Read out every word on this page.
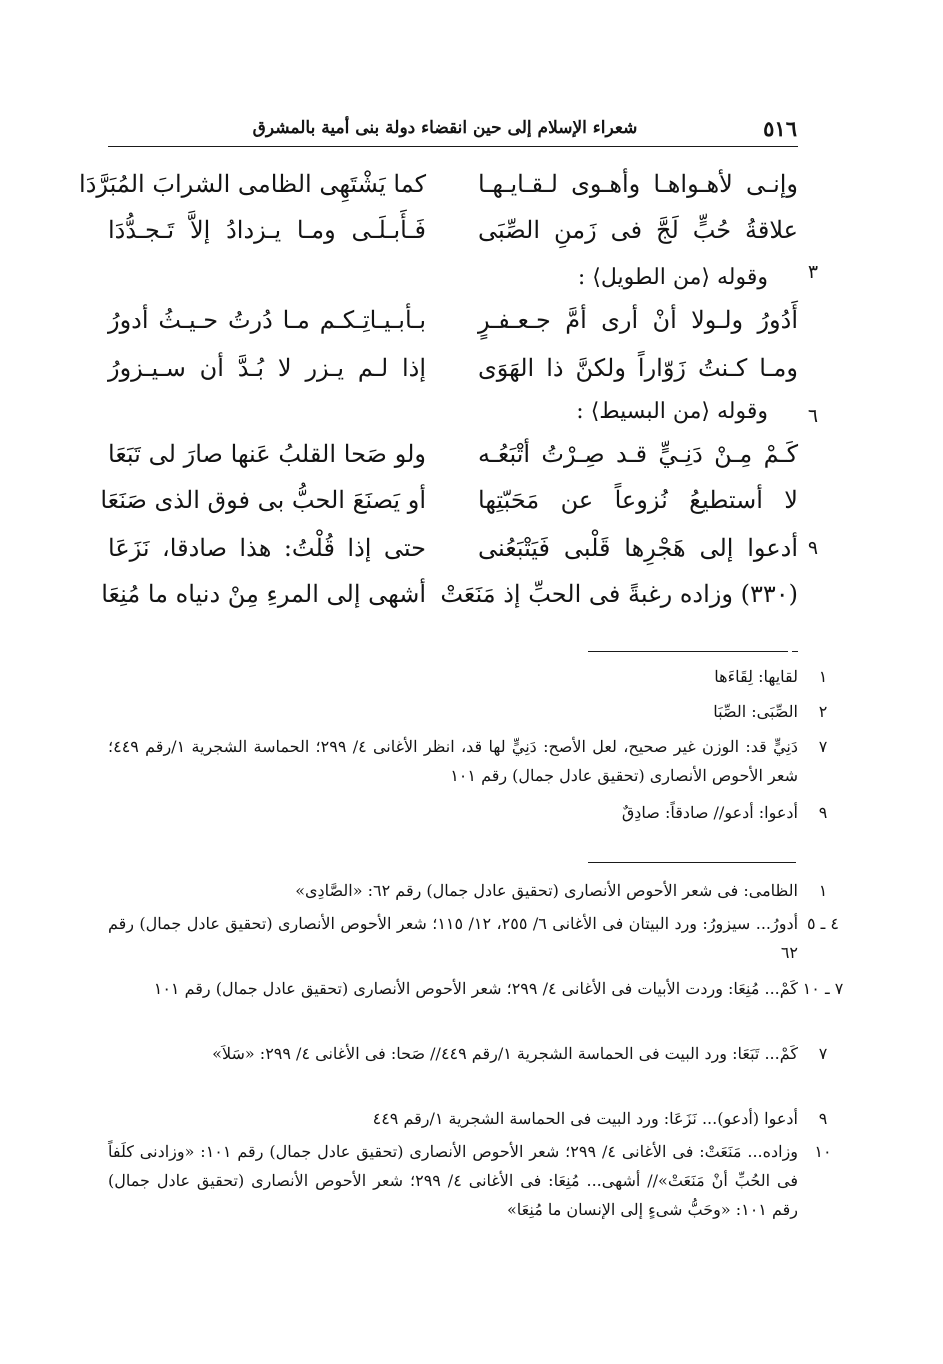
٥١٦
شعراء الإسلام إلى حين انقضاء دولة بنى أمية بالمشرق
وإنـى لأهـواهـا وأهـوى لـقـايـهـا
كما يَشْتَهِى الظامى الشرابَ المُبَرَّدَا
علاقةُ حُبٍّ لَجَّ فى زَمنِ الصِّبَى
فَـأَبـلَـى ومـا يـزدادُ إلاَّ تَـجـدُّدَا
٣
وقوله ⟨من الطويل⟩ :
أَدُورُ ولـولا أنْ أرى أمَّ جـعـفـرٍ
بـأبـيـاتِـكـم مـا دُرتُ حـيـثُ أدورُ
ومـا كـنتُ زَوّاراً ولكنَّ ذا الهَوَى
إذا لـم يـزر لا بُـدَّ أن سـيـزورُ
٦
وقوله ⟨من البسيط⟩ :
كَـمْ مِـنْ دَنِـيٍّ قـد صِـرْتُ أتْبَعُـه
ولو صَحا القلبُ عَنها صارَ لى تَبَعَا
لا أستطيعُ نُزوعاً عن مَحَبّتِها
أو يَصنَعَ الحبُّ بى فوق الذى صَنَعَا
٩
أدعوا إلى هَجْرِها قَلْبى فَيَتْبَعُنى
حتى إذا قُلْتُ: هذا صادقا، نَزَعَا
(٣٣٠) وزاده رغبةً فى الحبِّ إذ مَنَعَتْ
أشهى إلى المرءِ مِنْ دنياه ما مُنِعَا
١
لقايها: لِقَاءَها
٢
الصِّبَى: الصِّبَا
٧
دَنِيٍّ قد: الوزن غير صحيح، لعل الأصح: دَنِيٍّ لها قد، انظر الأغانى ٤/ ٢٩٩؛ الحماسة الشجرية ١/رقم ٤٤٩؛ شعر الأحوص الأنصارى (تحقيق عادل جمال) رقم ١٠١
٩
أدعوا: أدعو// صادقاً: صادِقٌ
١
الظامى: فى شعر الأحوص الأنصارى (تحقيق عادل جمال) رقم ٦٢: «الصَّادِى»
٤ ـ ٥
أدورُ... سيزورُ: ورد البيتان فى الأغانى ٦/ ٢٥٥، ١٢/ ١١٥؛ شعر الأحوص الأنصارى (تحقيق عادل جمال) رقم ٦٢
٧ ـ ١٠
كَمْ... مُنِعَا: وردت الأبيات فى الأغانى ٤/ ٢٩٩؛ شعر الأحوص الأنصارى (تحقيق عادل جمال) رقم ١٠١
٧
كَمْ... تَبَعَا: ورد البيت فى الحماسة الشجرية ١/رقم ٤٤٩// صَحا: فى الأغانى ٤/ ٢٩٩: «سَلاَ»
٩
أدعوا (أدعو)... نَزَعَا: ورد البيت فى الحماسة الشجرية ١/رقم ٤٤٩
١٠
وزاده... مَنَعَتْ: فى الأغانى ٤/ ٢٩٩؛ شعر الأحوص الأنصارى (تحقيق عادل جمال) رقم ١٠١: «وزادنى كلَفاً فى الحُبِّ أنْ مَنَعَتْ»// أشهى... مُنِعَا: فى الأغانى ٤/ ٢٩٩؛ شعر الأحوص الأنصارى (تحقيق عادل جمال) رقم ١٠١: «وحَبُّ شىءٍ إلى الإنسان ما مُنِعَا»
